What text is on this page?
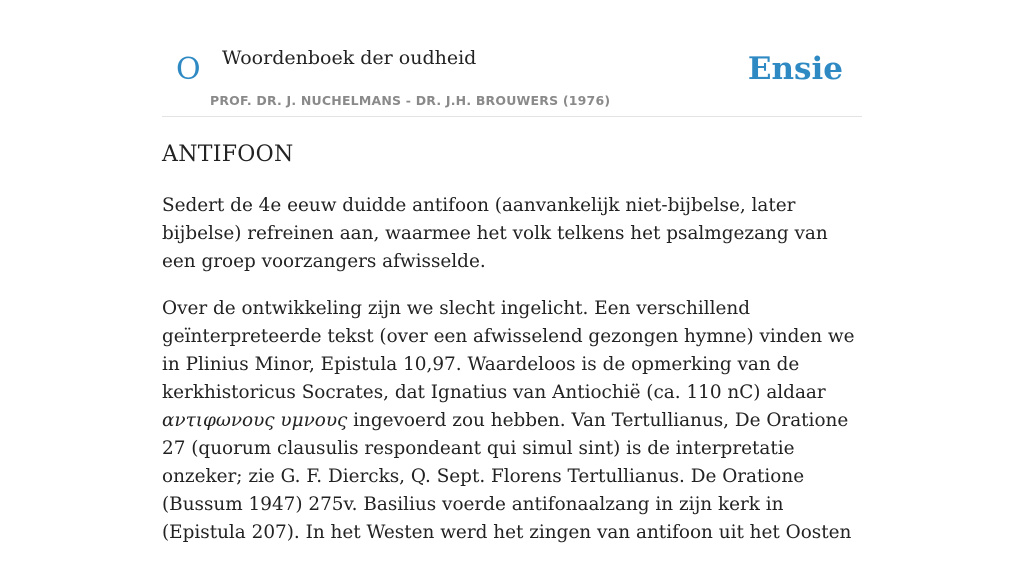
O Woordenboek der oudheid
PROF. DR. J. NUCHELMANS - DR. J.H. BROUWERS (1976)
Ensie
ANTIFOON

Sedert de 4e eeuw duidde antifoon (aanvankelijk niet-bijbelse, later bijbelse) refreinen aan, waarmee het volk telkens het psalmgezang van een groep voorzangers afwisselde.

Over de ontwikkeling zijn we slecht ingelicht. Een verschillend geïnterpreteerde tekst (over een afwisselend gezongen hymne) vinden we in Plinius Minor, Epistula 10,97. Waardeloos is de opmerking van de kerkhistoricus Socrates, dat Ignatius van Antiochië (ca. 110 nC) aldaar αντιφωνους υμνους ingevoerd zou hebben. Van Tertullianus, De Oratione 27 (quorum clausulis respondeant qui simul sint) is de interpretatie onzeker; zie G. F. Diercks, Q. Sept. Florens Tertullianus. De Oratione (Bussum 1947) 275v. Basilius voerde antifonaalzang in zijn kerk in (Epistula 207). In het Westen werd het zingen van antifoon uit het Oosten
